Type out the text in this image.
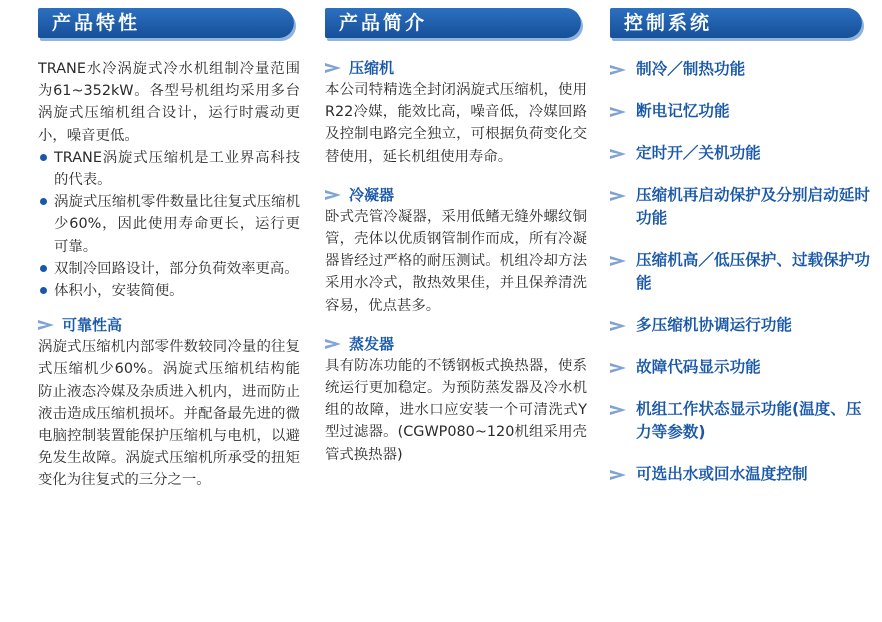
产品特性

TRANE水冷涡旋式冷水机组制冷量范围为61~352kW。各型号机组均采用多台涡旋式压缩机组合设计，运行时震动更小，噪音更低。

TRANE涡旋式压缩机是工业界高科技的代表。
涡旋式压缩机零件数量比往复式压缩机少60%，因此使用寿命更长，运行更可靠。
双制冷回路设计，部分负荷效率更高。
体积小，安装简便。
可靠性高

涡旋式压缩机内部零件数较同冷量的往复式压缩机少60%。涡旋式压缩机结构能防止液态冷媒及杂质进入机内，进而防止液击造成压缩机损坏。并配备最先进的微电脑控制装置能保护压缩机与电机，以避免发生故障。涡旋式压缩机所承受的扭矩变化为往复式的三分之一。

产品简介
压缩机

本公司特精选全封闭涡旋式压缩机，使用R22冷媒，能效比高，噪音低，冷媒回路及控制电路完全独立，可根据负荷变化交替使用，延长机组使用寿命。

冷凝器

卧式壳管冷凝器，采用低鳍无缝外螺纹铜管，壳体以优质钢管制作而成，所有冷凝器皆经过严格的耐压测试。机组冷却方法采用水冷式，散热效果佳，并且保养清洗容易，优点甚多。

蒸发器

具有防冻功能的不锈钢板式换热器，使系统运行更加稳定。为预防蒸发器及冷水机组的故障，进水口应安装一个可清洗式Y型过滤器。(CGWP080~120机组采用壳管式换热器)

控制系统
制冷／制热功能
断电记忆功能
定时开／关机功能
压缩机再启动保护及分别启动延时功能
压缩机高／低压保护、过载保护功能
多压缩机协调运行功能
故障代码显示功能
机组工作状态显示功能(温度、压力等参数)
可选出水或回水温度控制
